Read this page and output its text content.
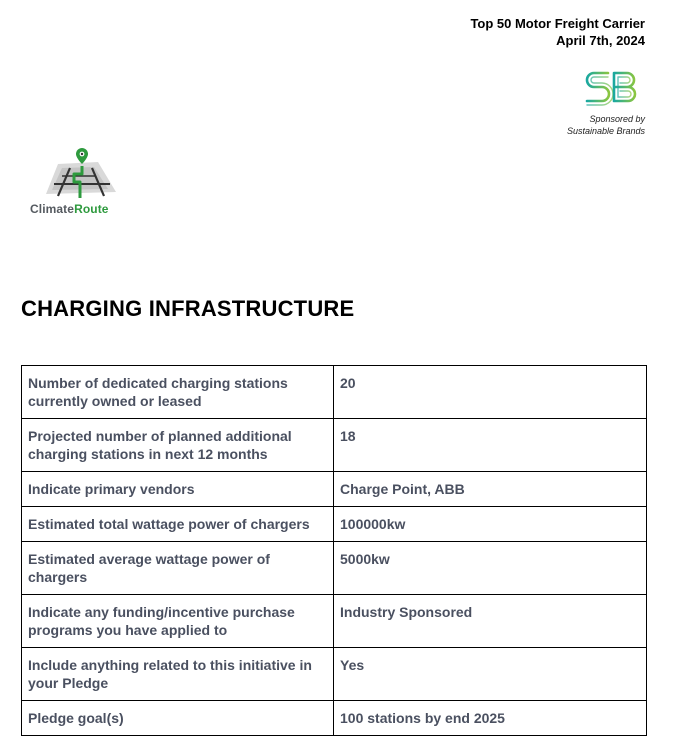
Top 50 Motor Freight Carrier
April 7th, 2024
Sponsored by
Sustainable Brands
ClimateRoute
CHARGING INFRASTRUCTURE
Number of dedicated charging stations currently owned or leased	20
Projected number of planned additional charging stations in next 12 months	18
Indicate primary vendors	Charge Point, ABB
Estimated total wattage power of chargers	100000kw
Estimated average wattage power of chargers	5000kw
Indicate any funding/incentive purchase programs you have applied to	Industry Sponsored
Include anything related to this initiative in your Pledge	Yes
Pledge goal(s)	100 stations by end 2025
